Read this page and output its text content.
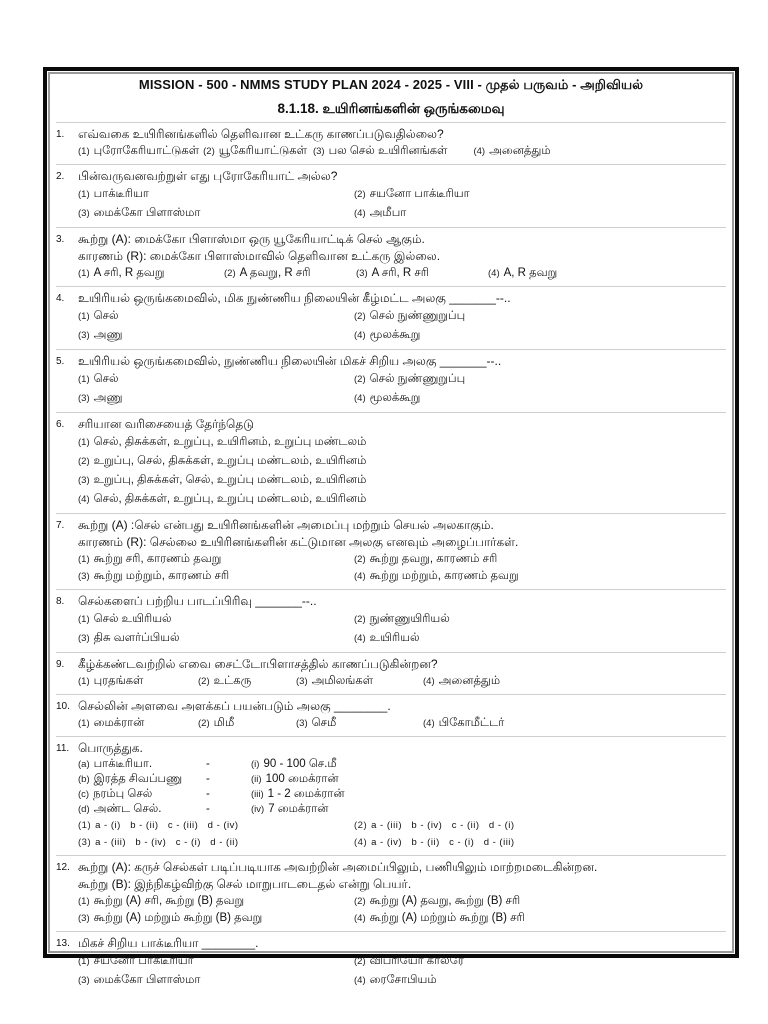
MISSION - 500 - NMMS STUDY PLAN 2024 - 2025 - VIII - முதல் பருவம் - அறிவியல்
8.1.18. உயிரினங்களின் ஒருங்கமைவு
1.	எவ்வகை உயிரினங்களில் தெளிவான உட்கரு காணப்படுவதில்லை?
(1) புரோகேரியாட்டுகள் (2) யூகேரியாட்டுகள் (3) பல செல் உயிரினங்கள்	(4) அனைத்தும்
2.	பின்வருவனவற்றுள் எது புரோகேரியாட் அல்ல?
(1) பாக்டீரியா	(2) சயனோ பாக்டீரியா
(3) மைக்கோ பிளாஸ்மா	(4) அமீபா
3.	கூற்று (A): மைக்கோ பிளாஸ்மா ஒரு யூகேரியாட்டிக் செல் ஆகும்.
காரணம் (R): மைக்கோ பிளாஸ்மாவில் தெளிவான உட்கரு இல்லை.
(1) A சரி, R தவறு	(2) A தவறு, R சரி	(3) A சரி, R சரி	(4) A, R தவறு
4.	உயிரியல் ஒருங்கமைவில், மிக நுண்ணிய நிலையின் கீழ்மட்ட அலகு _______--..
(1) செல்	(2) செல் நுண்ணுறுப்பு
(3) அணு	(4) மூலக்கூறு
5.	உயிரியல் ஒருங்கமைவில், நுண்ணிய நிலையின் மிகச் சிறிய அலகு _______--..
(1) செல்	(2) செல் நுண்ணுறுப்பு
(3) அணு	(4) மூலக்கூறு
6.	சரியான வரிசையைத் தேர்ந்தெடு
(1) செல், திசுக்கள், உறுப்பு, உயிரினம், உறுப்பு மண்டலம்
(2) உறுப்பு, செல், திசுக்கள், உறுப்பு மண்டலம், உயிரினம்
(3) உறுப்பு, திசுக்கள், செல், உறுப்பு மண்டலம், உயிரினம்
(4) செல், திசுக்கள், உறுப்பு, உறுப்பு மண்டலம், உயிரினம்
7.	கூற்று (A) :செல் என்பது உயிரினங்களின் அமைப்பு மற்றும் செயல் அலகாகும்.
காரணம் (R): செல்லை உயிரினங்களின் கட்டுமான அலகு எனவும் அழைப்பார்கள்.
(1) கூற்று சரி, காரணம் தவறு	(2) கூற்று தவறு, காரணம் சரி
(3) கூற்று மற்றும், காரணம் சரி	(4) கூற்று மற்றும், காரணம் தவறு
8.	செல்களைப் பற்றிய பாடப்பிரிவு _______--..
(1) செல் உயிரியல்	(2) நுண்ணுயிரியல்
(3) திசு வளர்ப்பியல்	(4) உயிரியல்
9.	கீழ்க்கண்டவற்றில் எவை சைட்டோபிளாசத்தில் காணப்படுகின்றன?
(1) புரதங்கள்	(2) உட்கரு	(3) அமிலங்கள்	(4) அனைத்தும்
10. செல்லின் அளவை அளக்கப் பயன்படும் அலகு ________.
(1) மைக்ரான்	(2) மிமீ	(3) செமீ	(4) பிகோமீட்டர்
11. பொருத்துக.
(a) பாக்டீரியா.	-	(i) 90 - 100 செ.மீ
(b) இரத்த சிவப்பணு	-	(ii) 100 மைக்ரான்
(c) நரம்பு செல்	-	(iii) 1 - 2 மைக்ரான்
(d) அண்ட செல்.	-	(iv) 7 மைக்ரான்
(1) a - (i)   b - (ii)   c - (iii)   d - (iv)	(2) a - (iii)   b - (iv)   c - (ii)   d - (i)
(3) a - (iii)   b - (iv)   c - (i)   d - (ii)	(4) a - (iv)   b - (ii)   c - (i)   d - (iii)
12. கூற்று (A): கருச் செல்கள் படிப்படியாக அவற்றின் அமைப்பிலும், பணியிலும் மாற்றமடைகின்றன.
கூற்று (B): இந்நிகழ்விற்கு செல் மாறுபாடடைதல் என்று பெயர்.
(1) கூற்று (A) சரி, கூற்று (B) தவறு	(2) கூற்று (A) தவறு, கூற்று (B) சரி
(3) கூற்று (A) மற்றும் கூற்று (B) தவறு	(4) கூற்று (A) மற்றும் கூற்று (B) சரி
13. மிகச் சிறிய பாக்டீரியா ________.
(1) சயனோ பாக்டீரியா	(2) விப்ரியோ காலரே
(3) மைக்கோ பிளாஸ்மா	(4) ரைசோபியம்
